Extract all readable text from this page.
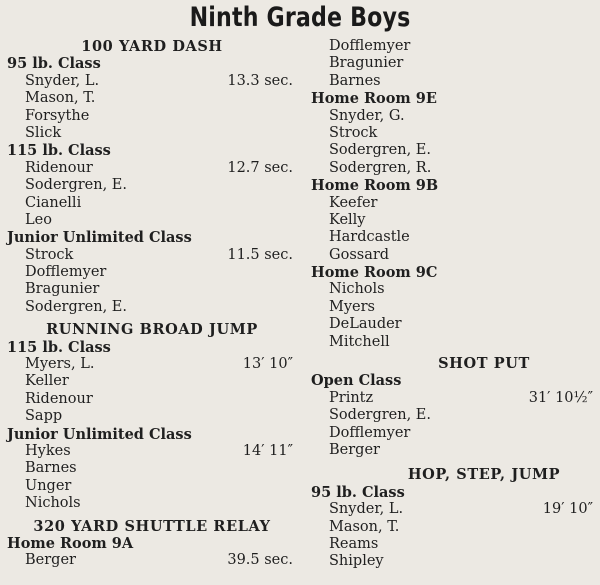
Ninth Grade Boys
100 YARD DASH
95 lb. Class
Snyder, L.	13.3 sec.
Mason, T.
Forsythe
Slick
115 lb. Class
Ridenour	12.7 sec.
Sodergren, E.
Cianelli
Leo
Junior Unlimited Class
Strock	11.5 sec.
Dofflemyer
Bragunier
Sodergren, E.
RUNNING BROAD JUMP
115 lb. Class
Myers, L.	13′ 10″
Keller
Ridenour
Sapp
Junior Unlimited Class
Hykes	14′ 11″
Barnes
Unger
Nichols
320 YARD SHUTTLE RELAY
Home Room 9A
Berger	39.5 sec.
Dofflemyer
Bragunier
Barnes
Home Room 9E
Snyder, G.
Strock
Sodergren, E.
Sodergren, R.
Home Room 9B
Keefer
Kelly
Hardcastle
Gossard
Home Room 9C
Nichols
Myers
DeLauder
Mitchell
SHOT PUT
Open Class
Printz	31′ 10½″
Sodergren, E.
Dofflemyer
Berger
HOP, STEP, JUMP
95 lb. Class
Snyder, L.	19′ 10″
Mason, T.
Reams
Shipley
